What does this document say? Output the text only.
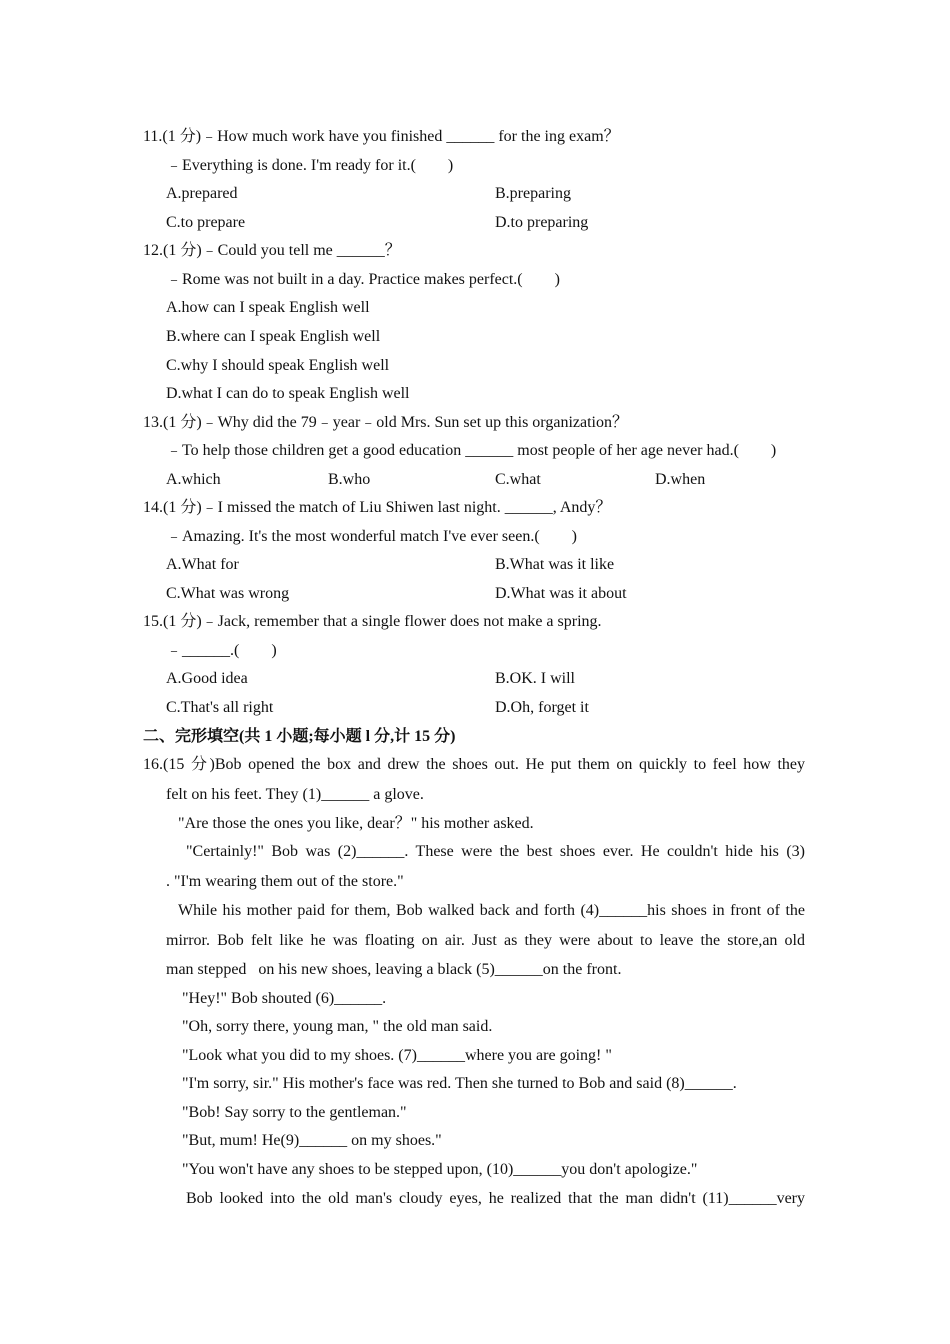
11.(1 分)﹣How much work have you finished ______ for the ing exam？
﹣Everything is done. I'm ready for it.(　　)
A.prepared	B.preparing
C.to prepare	D.to preparing
12.(1 分)﹣Could you tell me ______？
﹣Rome was not built in a day. Practice makes perfect.(　　)
A.how can I speak English well
B.where can I speak English well
C.why I should speak English well
D.what I can do to speak English well
13.(1 分)﹣Why did the 79﹣year﹣old Mrs. Sun set up this organization？
﹣To help those children get a good education ______ most people of her age never had.(　　)
A.which	B.who	C.what	D.when
14.(1 分)﹣I missed the match of Liu Shiwen last night. ______, Andy？
﹣Amazing. It's the most wonderful match I've ever seen.(　　)
A.What for	B.What was it like
C.What was wrong	D.What was it about
15.(1 分)﹣Jack, remember that a single flower does not make a spring.
﹣______.(　　)
A.Good idea	B.OK. I will
C.That's all right	D.Oh, forget it
二、完形填空(共 1 小题;每小题 l 分,计 15 分)
16.(15 分)Bob opened the box and drew the shoes out. He put them on quickly to feel how they
felt on his feet. They (1)______ a glove.
"Are those the ones you like, dear？" his mother asked.
"Certainly!" Bob was (2)______. These were the best shoes ever. He couldn't hide his (3)
. "I'm wearing them out of the store."
While his mother paid for them, Bob walked back and forth (4)______his shoes in front of the
mirror. Bob felt like he was floating on air. Just as they were about to leave the store,an old
man stepped   on his new shoes, leaving a black (5)______on the front.
"Hey!" Bob shouted (6)______.
"Oh, sorry there, young man, " the old man said.
"Look what you did to my shoes. (7)______where you are going! "
"I'm sorry, sir." His mother's face was red. Then she turned to Bob and said (8)______.
"Bob! Say sorry to the gentleman."
"But, mum! He(9)______ on my shoes."
"You won't have any shoes to be stepped upon, (10)______you don't apologize."
Bob looked into the old man's cloudy eyes, he realized that the man didn't (11)______very
